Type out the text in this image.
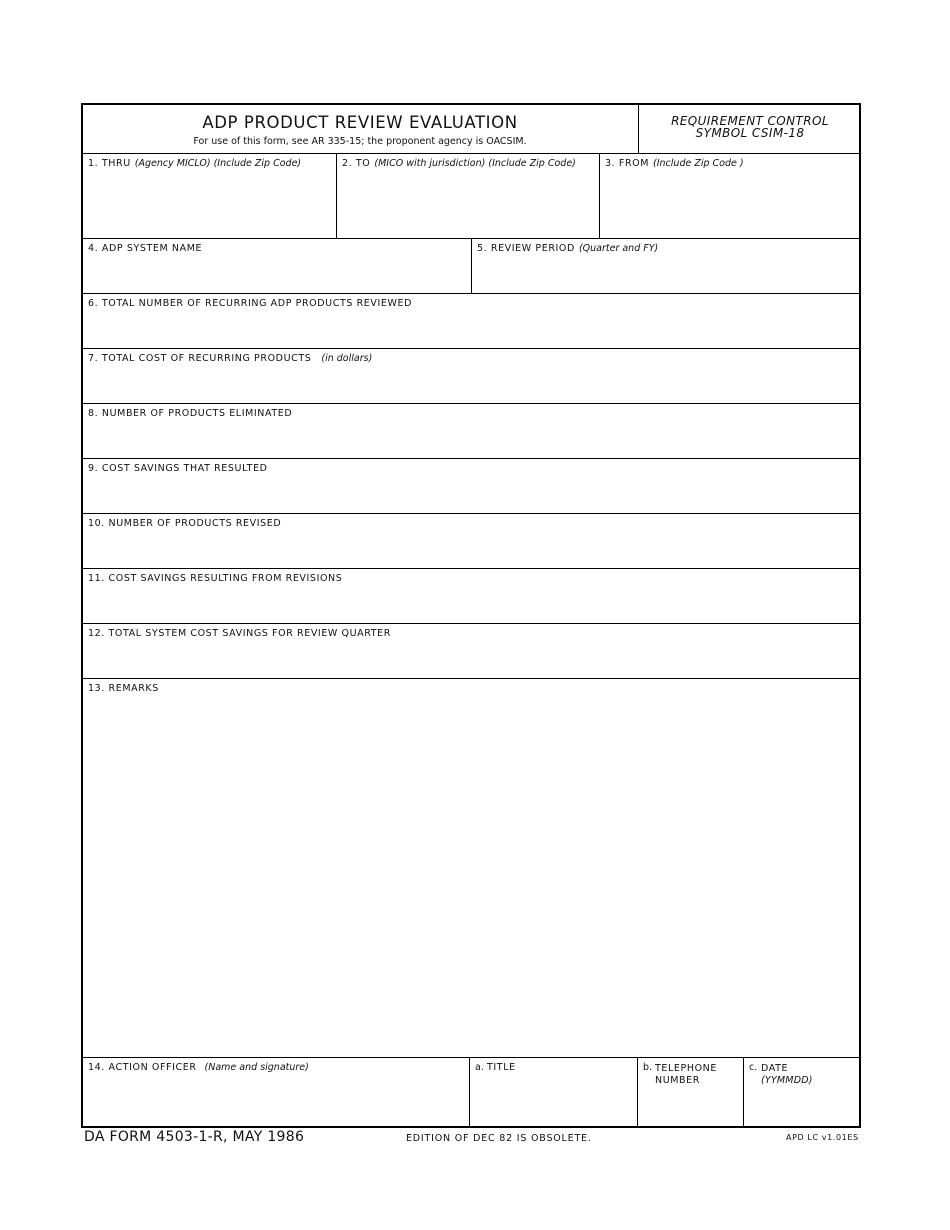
ADP PRODUCT REVIEW EVALUATION
For use of this form, see AR 335-15; the proponent agency is OACSIM.
REQUIREMENT CONTROL
SYMBOL CSIM-18
1. THRU (Agency MICLO) (Include Zip Code)	2. TO (MICO with jurisdiction) (Include Zip Code)	3. FROM (Include Zip Code )
4. ADP SYSTEM NAME	5. REVIEW PERIOD (Quarter and FY)
6. TOTAL NUMBER OF RECURRING ADP PRODUCTS REVIEWED
7. TOTAL COST OF RECURRING PRODUCTS (in dollars)
8. NUMBER OF PRODUCTS ELIMINATED
9. COST SAVINGS THAT RESULTED
10. NUMBER OF PRODUCTS REVISED
11. COST SAVINGS RESULTING FROM REVISIONS
12. TOTAL SYSTEM COST SAVINGS FOR REVIEW QUARTER
13. REMARKS
14. ACTION OFFICER (Name and signature)	a. TITLE	b. TELEPHONE
NUMBER
c. DATE
(YYMMDD)
DA FORM 4503-1-R, MAY 1986	EDITION OF DEC 82 IS OBSOLETE.	APD LC v1.01ES
